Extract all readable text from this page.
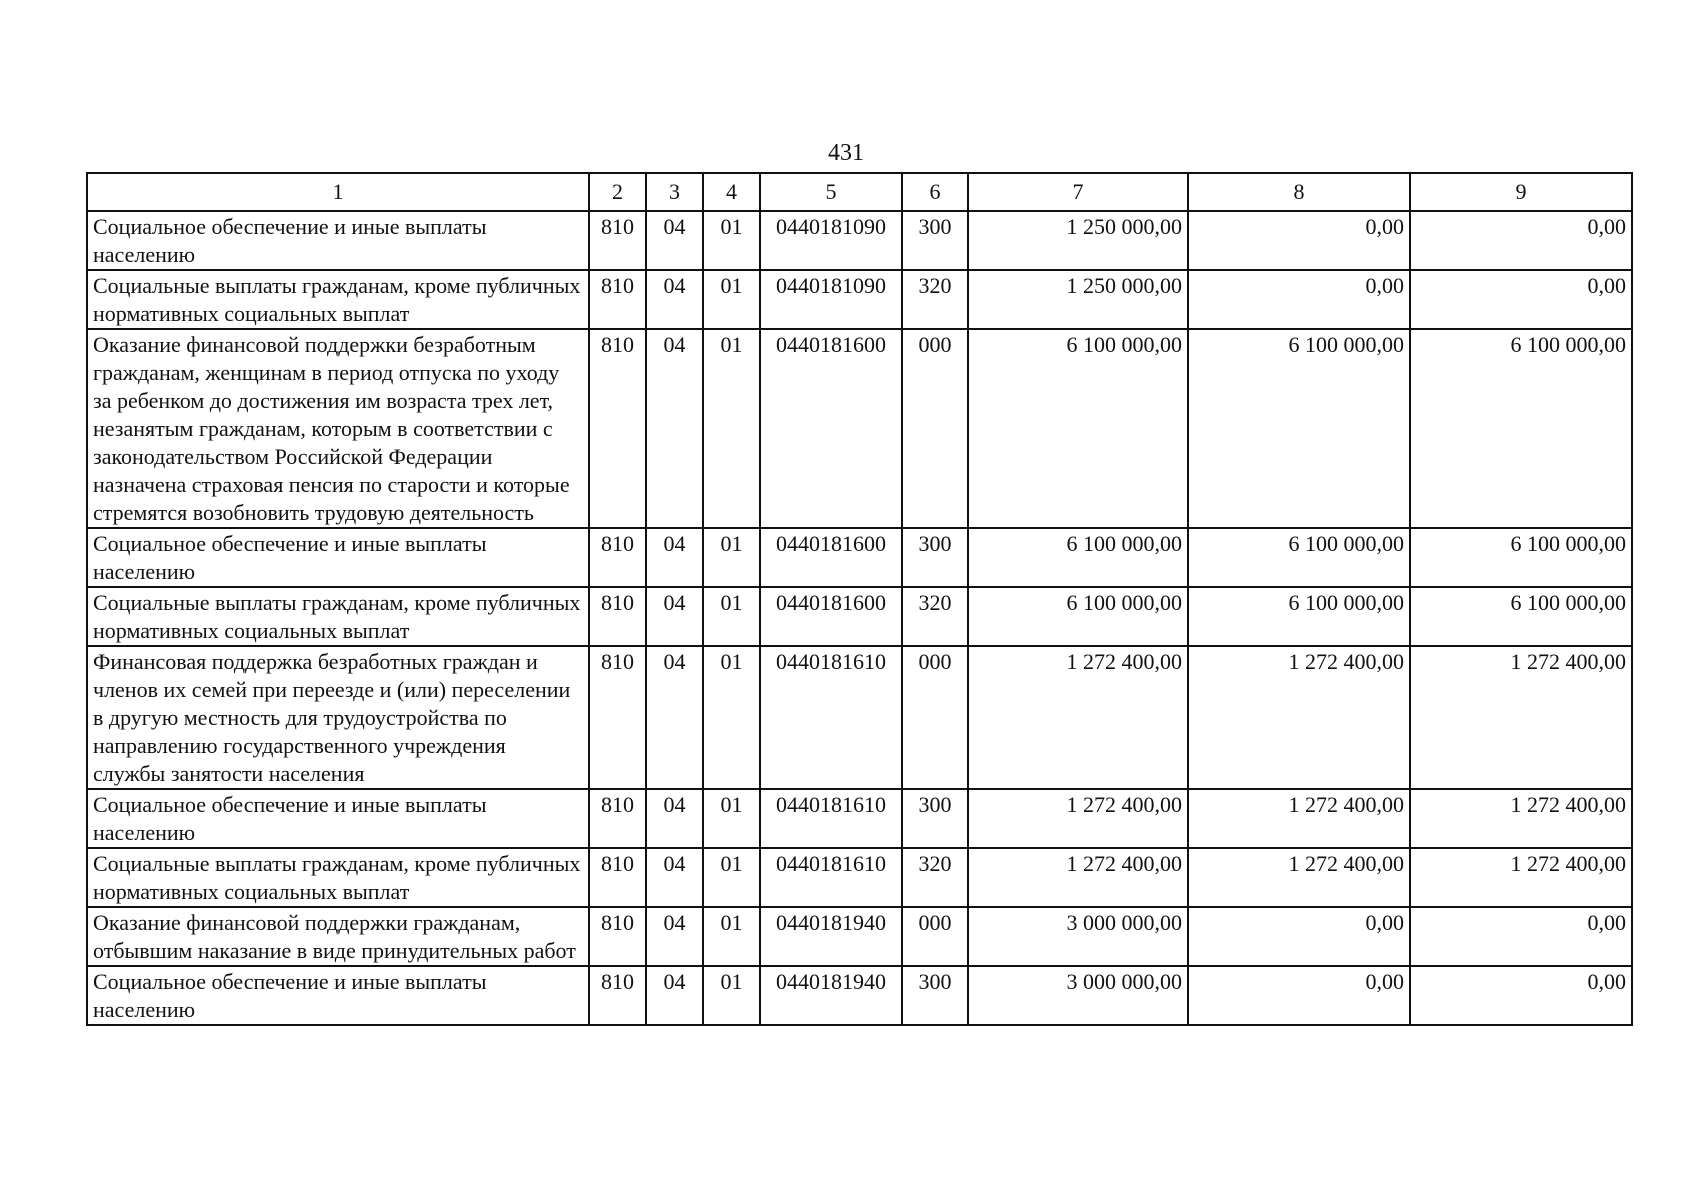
431
1	2	3	4	5	6	7	8	9
Социальное обеспечение и иные выплаты населению	810	04	01	0440181090	300	1 250 000,00	0,00	0,00
Социальные выплаты гражданам, кроме публичных нормативных социальных выплат	810	04	01	0440181090	320	1 250 000,00	0,00	0,00
Оказание финансовой поддержки безработным гражданам, женщинам в период отпуска по уходу за ребенком до достижения им возраста трех лет, незанятым гражданам, которым в соответствии с законодательством Российской Федерации назначена страховая пенсия по старости и которые стремятся возобновить трудовую деятельность	810	04	01	0440181600	000	6 100 000,00	6 100 000,00	6 100 000,00
Социальное обеспечение и иные выплаты населению	810	04	01	0440181600	300	6 100 000,00	6 100 000,00	6 100 000,00
Социальные выплаты гражданам, кроме публичных нормативных социальных выплат	810	04	01	0440181600	320	6 100 000,00	6 100 000,00	6 100 000,00
Финансовая поддержка безработных граждан и членов их семей при переезде и (или) переселении в другую местность для трудоустройства по направлению государственного учреждения службы занятости населения	810	04	01	0440181610	000	1 272 400,00	1 272 400,00	1 272 400,00
Социальное обеспечение и иные выплаты населению	810	04	01	0440181610	300	1 272 400,00	1 272 400,00	1 272 400,00
Социальные выплаты гражданам, кроме публичных нормативных социальных выплат	810	04	01	0440181610	320	1 272 400,00	1 272 400,00	1 272 400,00
Оказание финансовой поддержки гражданам, отбывшим наказание в виде принудительных работ	810	04	01	0440181940	000	3 000 000,00	0,00	0,00
Социальное обеспечение и иные выплаты населению	810	04	01	0440181940	300	3 000 000,00	0,00	0,00
